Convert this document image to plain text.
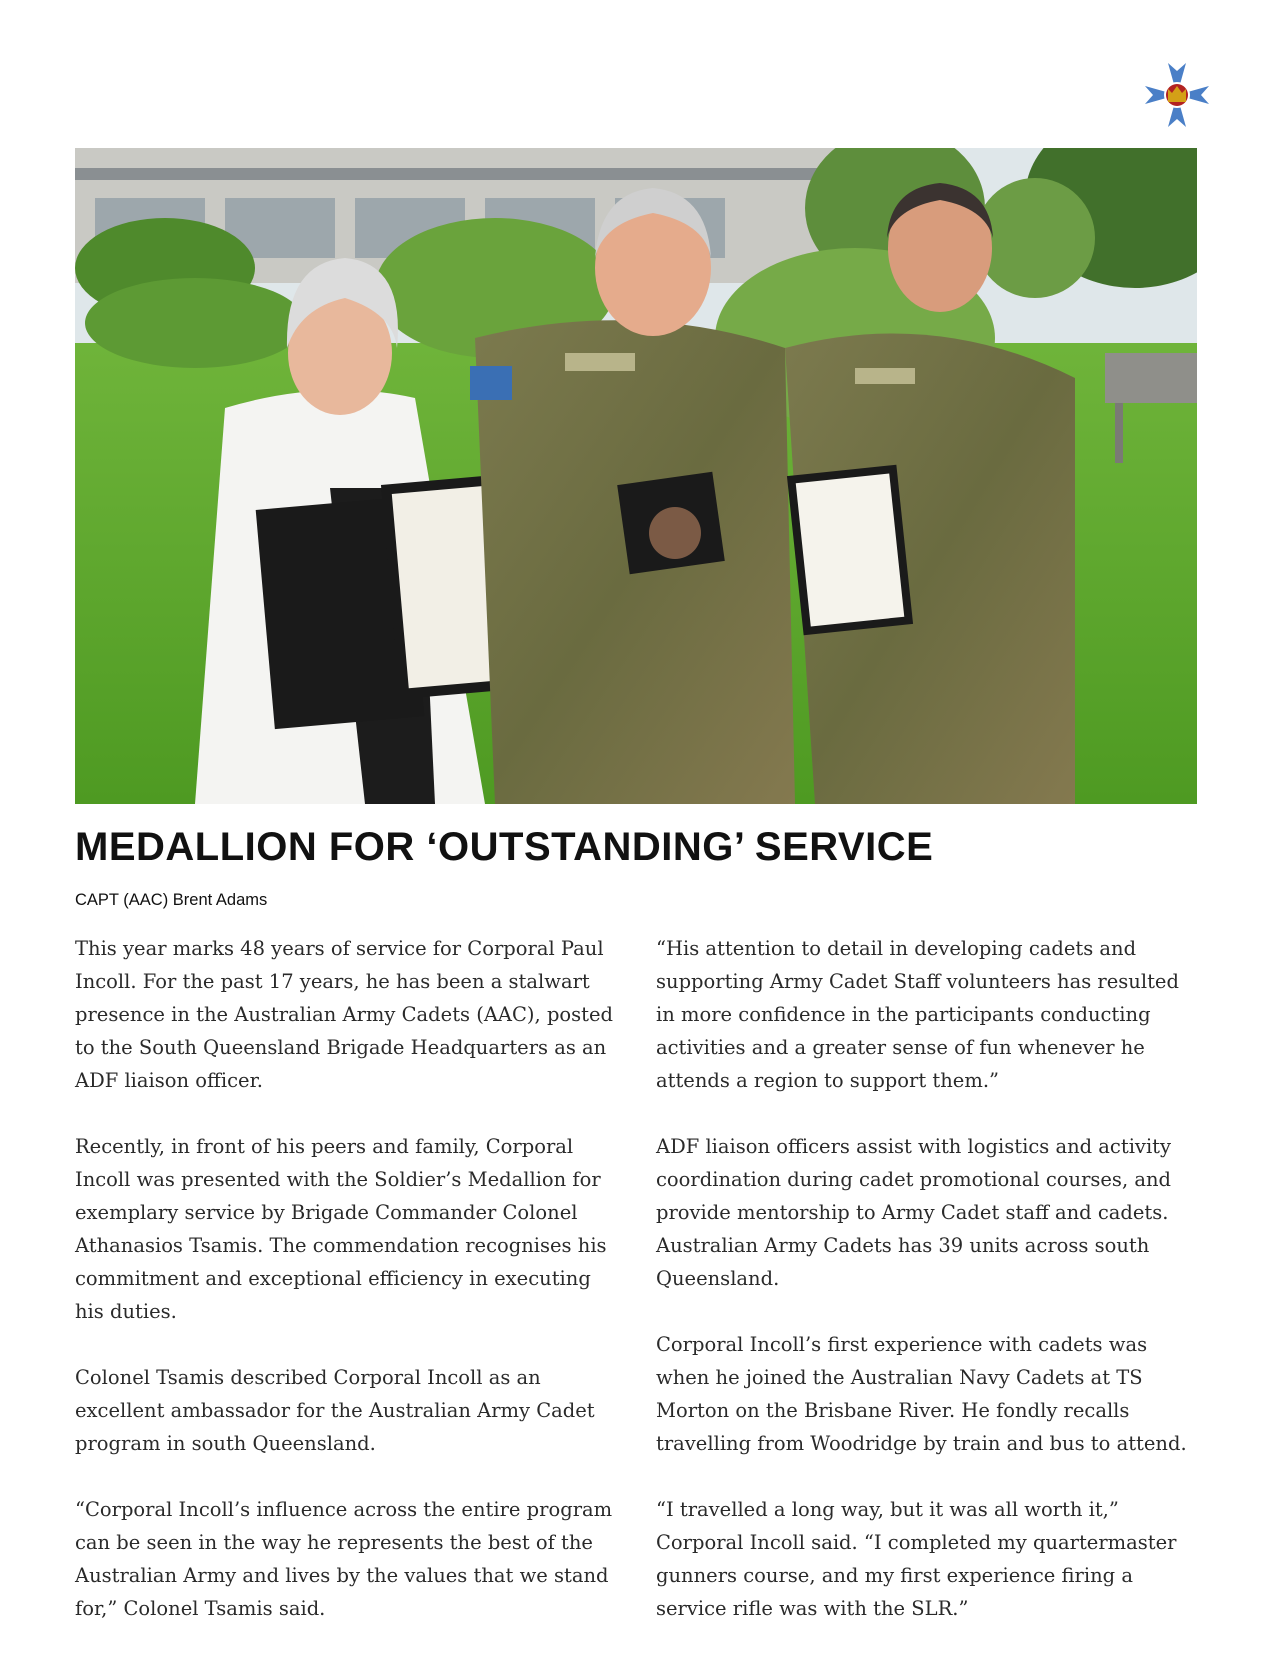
MEDALLION FOR ‘OUTSTANDING’ SERVICE
CAPT (AAC) Brent Adams

This year marks 48 years of service for Corporal Paul Incoll. For the past 17 years, he has been a stalwart presence in the Australian Army Cadets (AAC), posted to the South Queensland Brigade Headquarters as an ADF liaison officer.

Recently, in front of his peers and family, Corporal Incoll was presented with the Soldier’s Medallion for exemplary service by Brigade Commander Colonel Athanasios Tsamis. The commendation recognises his commitment and exceptional efficiency in executing his duties.

Colonel Tsamis described Corporal Incoll as an excellent ambassador for the Australian Army Cadet program in south Queensland.

“Corporal Incoll’s influence across the entire program can be seen in the way he represents the best of the Australian Army and lives by the values that we stand for,” Colonel Tsamis said.

“His attention to detail in developing cadets and supporting Army Cadet Staff volunteers has resulted in more confidence in the participants conducting activities and a greater sense of fun whenever he attends a region to support them.”

ADF liaison officers assist with logistics and activity coordination during cadet promotional courses, and provide mentorship to Army Cadet staff and cadets. Australian Army Cadets has 39 units across south Queensland.

Corporal Incoll’s first experience with cadets was when he joined the Australian Navy Cadets at TS Morton on the Brisbane River. He fondly recalls travelling from Woodridge by train and bus to attend.

“I travelled a long way, but it was all worth it,” Corporal Incoll said. “I completed my quartermaster gunners course, and my first experience firing a service rifle was with the SLR.”
